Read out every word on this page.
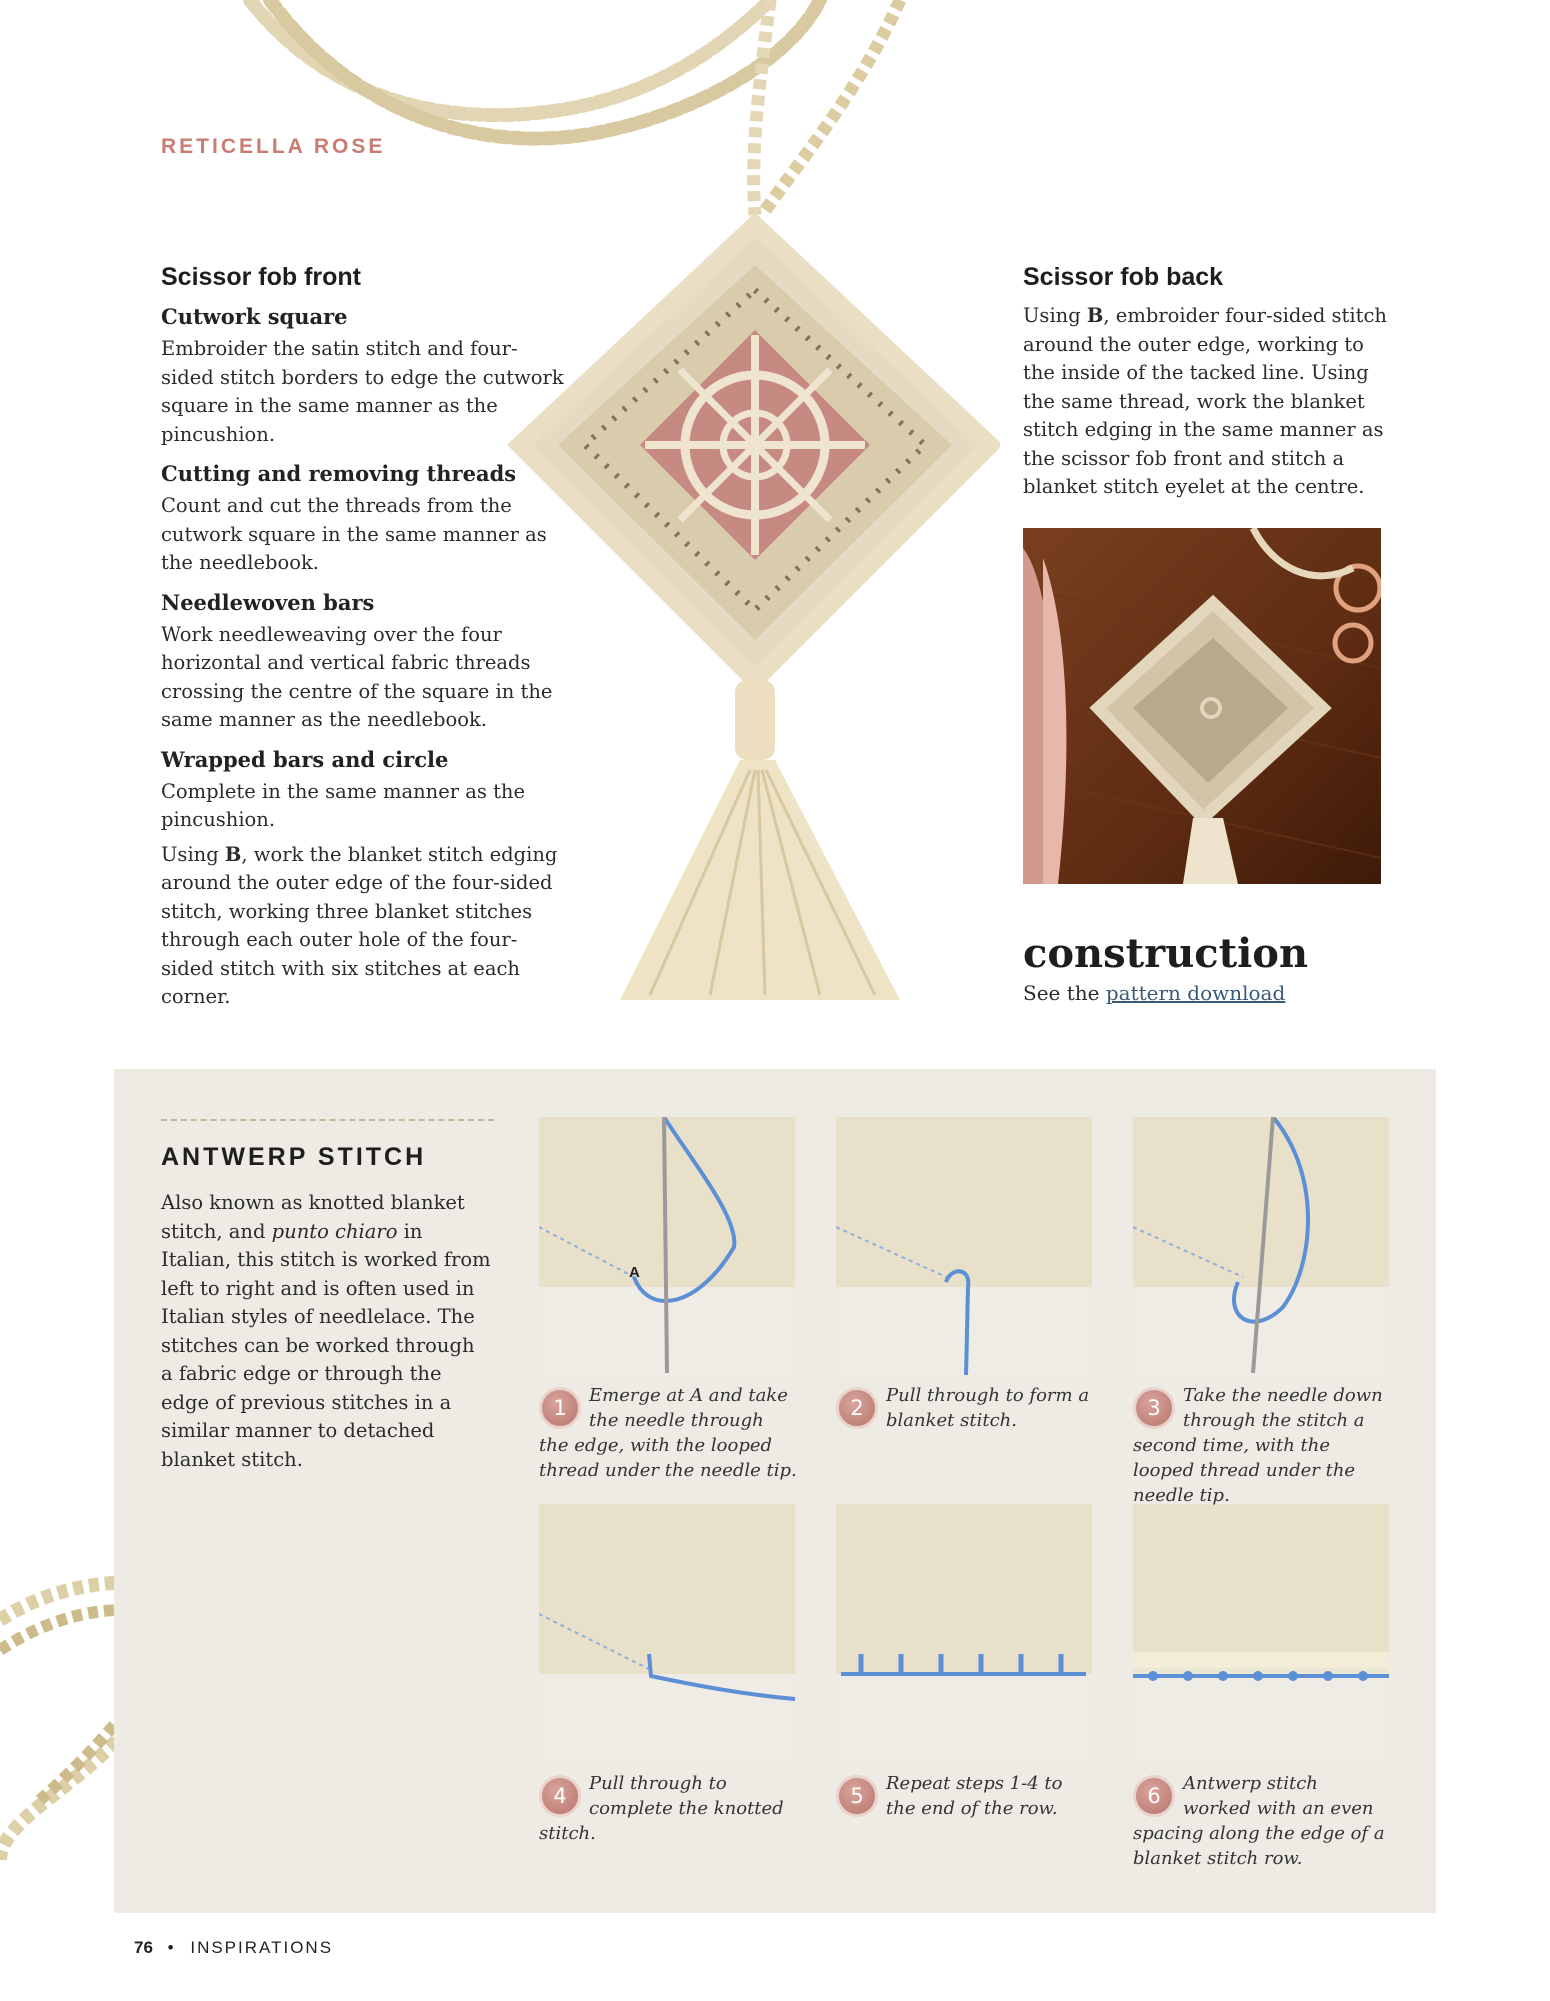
RETICELLA ROSE
Scissor fob front
Cutwork square

Embroider the satin stitch and four-sided stitch borders to edge the cutwork square in the same manner as the pincushion.

Cutting and removing threads

Count and cut the threads from the cutwork square in the same manner as the needlebook.

Needlewoven bars

Work needleweaving over the four horizontal and vertical fabric threads crossing the centre of the square in the same manner as the needlebook.

Wrapped bars and circle

Complete in the same manner as the pincushion.

Using B, work the blanket stitch edging around the outer edge of the four-sided stitch, working three blanket stitches through each outer hole of the four-sided stitch with six stitches at each corner.

Scissor fob back

Using B, embroider four-sided stitch around the outer edge, working to the inside of the tacked line. Using the same thread, work the blanket stitch edging in the same manner as the scissor fob front and stitch a blanket stitch eyelet at the centre.

construction
See the pattern download
ANTWERP STITCH
Also known as knotted blanket stitch, and punto chiaro in Italian, this stitch is worked from left to right and is often used in Italian styles of needlelace. The stitches can be worked through a fabric edge or through the edge of previous stitches in a similar manner to detached blanket stitch.
A
1
Emerge at A and take the needle through the edge, with the looped thread under the needle tip.
2
Pull through to form a blanket stitch.
3
Take the needle down through the stitch a second time, with the looped thread under the needle tip.
4
Pull through to complete the knotted stitch.
5
Repeat steps 1-4 to the end of the row.
6
Antwerp stitch worked with an even spacing along the edge of a blanket stitch row.
76 • INSPIRATIONS
